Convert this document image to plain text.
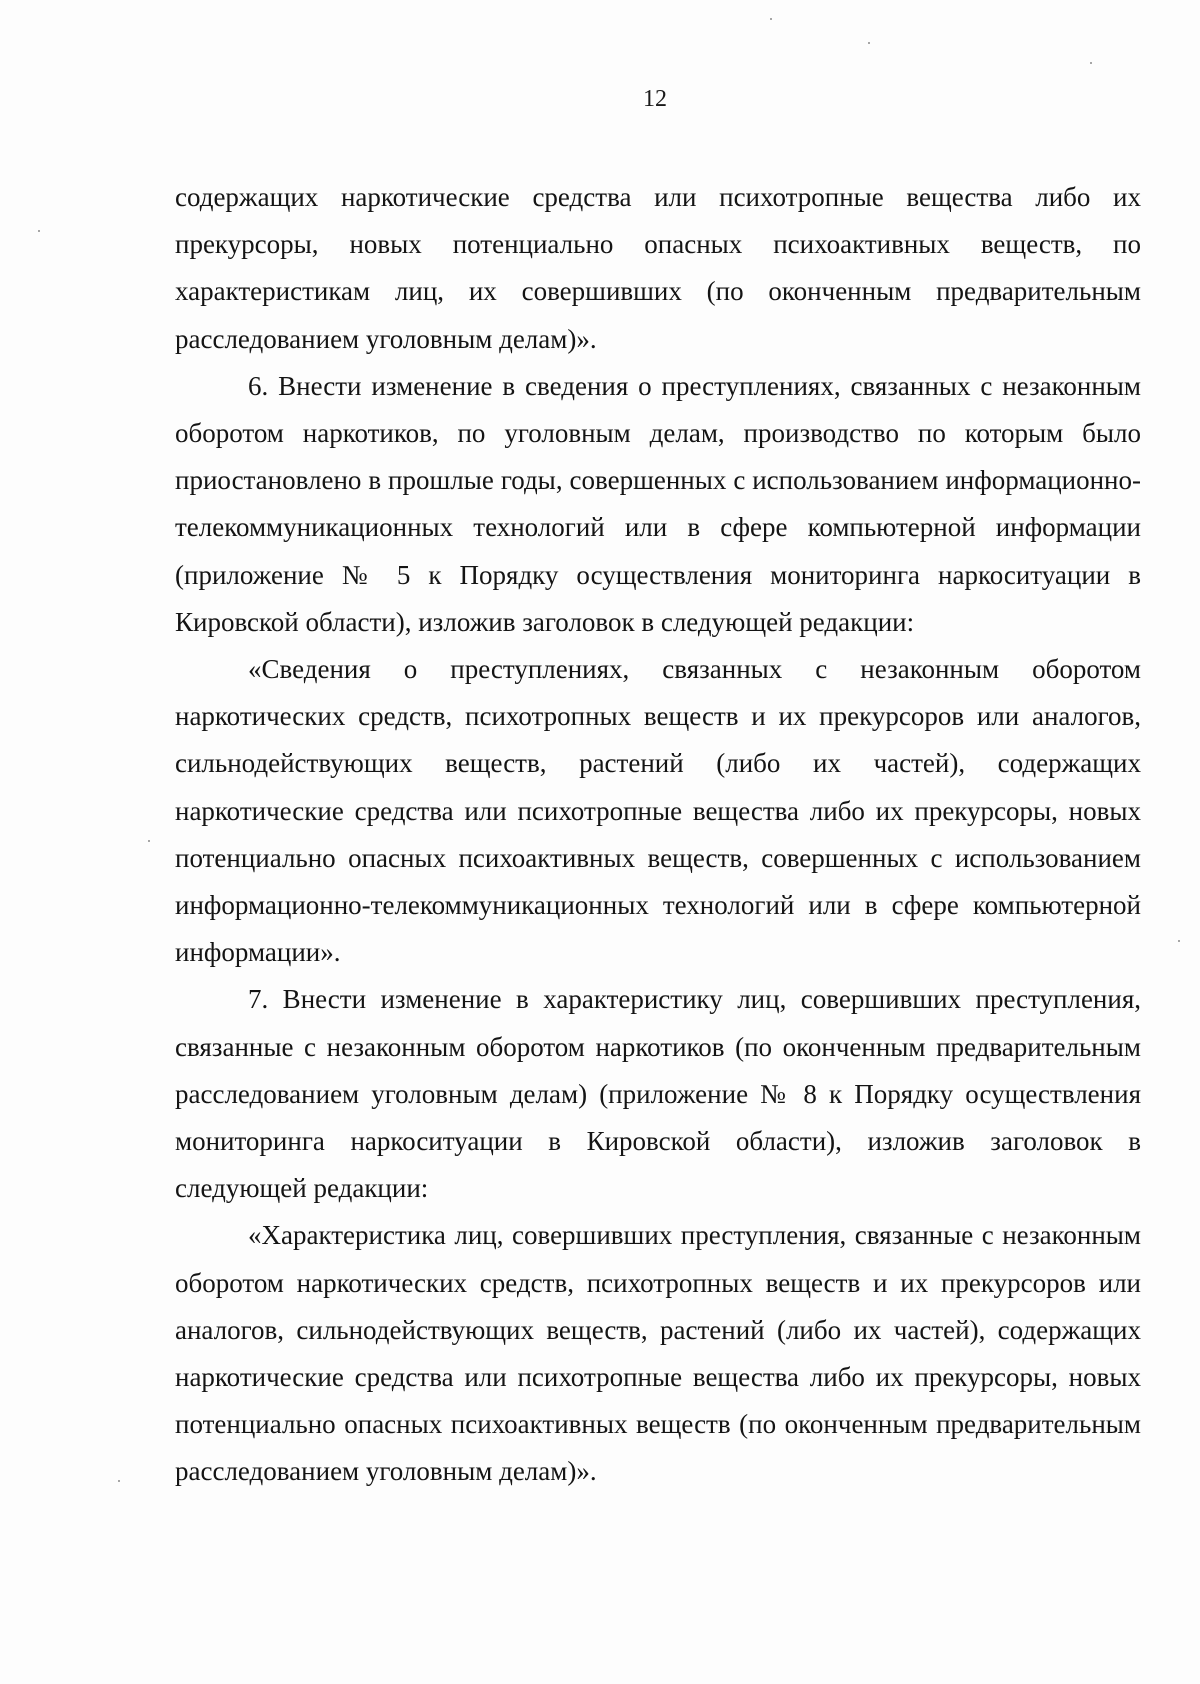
12

содержащих наркотические средства или психотропные вещества либо их прекурсоры, новых потенциально опасных психоактивных веществ, по характеристикам лиц, их совершивших (по оконченным предварительным расследованием уголовным делам)».

6. Внести изменение в сведения о преступлениях, связанных с незаконным оборотом наркотиков, по уголовным делам, производство по которым было приостановлено в прошлые годы, совершенных с использованием информационно-телекоммуникационных технологий или в сфере компьютерной информации (приложение № 5 к Порядку осуществления мониторинга наркоситуации в Кировской области), изложив заголовок в следующей редакции:

«Сведения о преступлениях, связанных с незаконным оборотом наркотических средств, психотропных веществ и их прекурсоров или аналогов, сильнодействующих веществ, растений (либо их частей), содержащих наркотические средства или психотропные вещества либо их прекурсоры, новых потенциально опасных психоактивных веществ, совершенных с использованием информационно-телекоммуникационных технологий или в сфере компьютерной информации».

7. Внести изменение в характеристику лиц, совершивших преступления, связанные с незаконным оборотом наркотиков (по оконченным предварительным расследованием уголовным делам) (приложение № 8 к Порядку осуществления мониторинга наркоситуации в Кировской области), изложив заголовок в следующей редакции:

«Характеристика лиц, совершивших преступления, связанные с незаконным оборотом наркотических средств, психотропных веществ и их прекурсоров или аналогов, сильнодействующих веществ, растений (либо их частей), содержащих наркотические средства или психотропные вещества либо их прекурсоры, новых потенциально опасных психоактивных веществ (по оконченным предварительным расследованием уголовным делам)».
